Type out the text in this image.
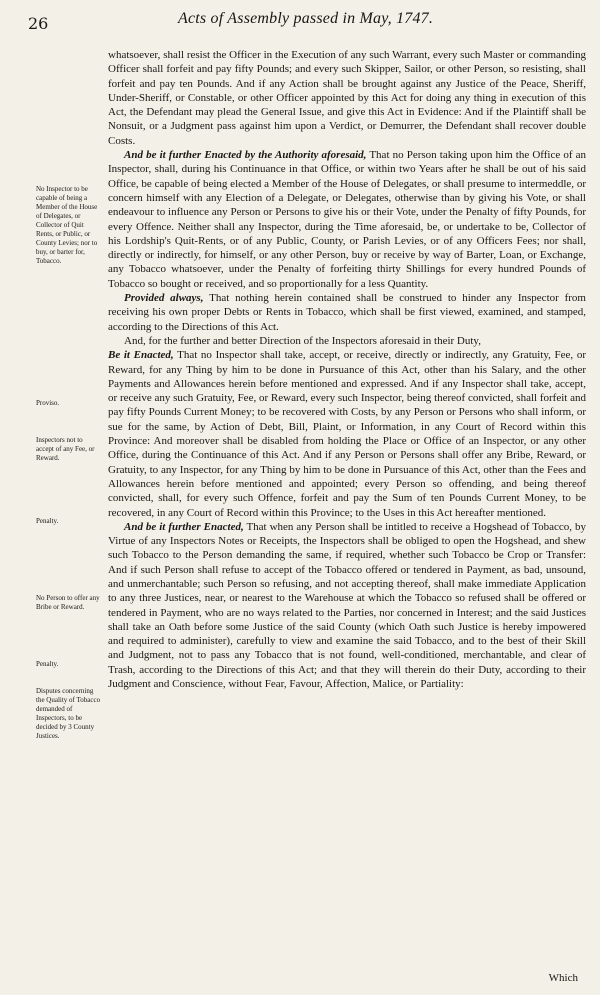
26	Acts of Assembly passed in May, 1747.
No Inspector to be capable of being a Member of the House of Delegates, or Collector of Quit Rents, or Public, or County Levies; nor to buy, or barter for, Tobacco.
Proviso.
Inspectors not to accept of any Fee, or Reward.
Penalty.
No Person to offer any Bribe or Reward.
Penalty.
Disputes concerning the Quality of Tobacco demanded of Inspectors, to be decided by 3 County Justices.

whatsoever, shall resist the Officer in the Execution of any such Warrant, every such Master or commanding Officer shall forfeit and pay fifty Pounds; and every such Skipper, Sailor, or other Person, so resisting, shall forfeit and pay ten Pounds. And if any Action shall be brought against any Justice of the Peace, Sheriff, Under-Sheriff, or Constable, or other Officer appointed by this Act for doing any thing in execution of this Act, the Defendant may plead the General Issue, and give this Act in Evidence: And if the Plaintiff shall be Nonsuit, or a Judgment pass against him upon a Verdict, or Demurrer, the Defendant shall recover double Costs.

And be it further Enacted by the Authority aforesaid, That no Person taking upon him the Office of an Inspector, shall, during his Continuance in that Office, or within two Years after he shall be out of his said Office, be capable of being elected a Member of the House of Delegates, or shall presume to intermeddle, or concern himself with any Election of a Delegate, or Delegates, otherwise than by giving his Vote, or shall endeavour to influence any Person or Persons to give his or their Vote, under the Penalty of fifty Pounds, for every Offence. Neither shall any Inspector, during the Time aforesaid, be, or undertake to be, Collector of his Lordship's Quit-Rents, or of any Public, County, or Parish Levies, or of any Officers Fees; nor shall, directly or indirectly, for himself, or any other Person, buy or receive by way of Barter, Loan, or Exchange, any Tobacco whatsoever, under the Penalty of forfeiting thirty Shillings for every hundred Pounds of Tobacco so bought or received, and so proportionally for a less Quantity.

Provided always, That nothing herein contained shall be construed to hinder any Inspector from receiving his own proper Debts or Rents in Tobacco, which shall be first viewed, examined, and stamped, according to the Directions of this Act.

And, for the further and better Direction of the Inspectors aforesaid in their Duty,

Be it Enacted, That no Inspector shall take, accept, or receive, directly or indirectly, any Gratuity, Fee, or Reward, for any Thing by him to be done in Pursuance of this Act, other than his Salary, and the other Payments and Allowances herein before mentioned and expressed. And if any Inspector shall take, accept, or receive any such Gratuity, Fee, or Reward, every such Inspector, being thereof convicted, shall forfeit and pay fifty Pounds Current Money; to be recovered with Costs, by any Person or Persons who shall inform, or sue for the same, by Action of Debt, Bill, Plaint, or Information, in any Court of Record within this Province: And moreover shall be disabled from holding the Place or Office of an Inspector, or any other Office, during the Continuance of this Act. And if any Person or Persons shall offer any Bribe, Reward, or Gratuity, to any Inspector, for any Thing by him to be done in Pursuance of this Act, other than the Fees and Allowances herein before mentioned and appointed; every Person so offending, and being thereof convicted, shall, for every such Offence, forfeit and pay the Sum of ten Pounds Current Money, to be recovered, in any Court of Record within this Province; to the Uses in this Act hereafter mentioned.

And be it further Enacted, That when any Person shall be intitled to receive a Hogshead of Tobacco, by Virtue of any Inspectors Notes or Receipts, the Inspectors shall be obliged to open the Hogshead, and shew such Tobacco to the Person demanding the same, if required, whether such Tobacco be Crop or Transfer: And if such Person shall refuse to accept of the Tobacco offered or tendered in Payment, as bad, unsound, and unmerchantable; such Person so refusing, and not accepting thereof, shall make immediate Application to any three Justices, near, or nearest to the Warehouse at which the Tobacco so refused shall be offered or tendered in Payment, who are no ways related to the Parties, nor concerned in Interest; and the said Justices shall take an Oath before some Justice of the said County (which Oath such Justice is hereby impowered and required to administer), carefully to view and examine the said Tobacco, and to the best of their Skill and Judgment, not to pass any Tobacco that is not found, well-conditioned, merchantable, and clear of Trash, according to the Directions of this Act; and that they will therein do their Duty, according to their Judgment and Conscience, without Fear, Favour, Affection, Malice, or Partiality:

Which
